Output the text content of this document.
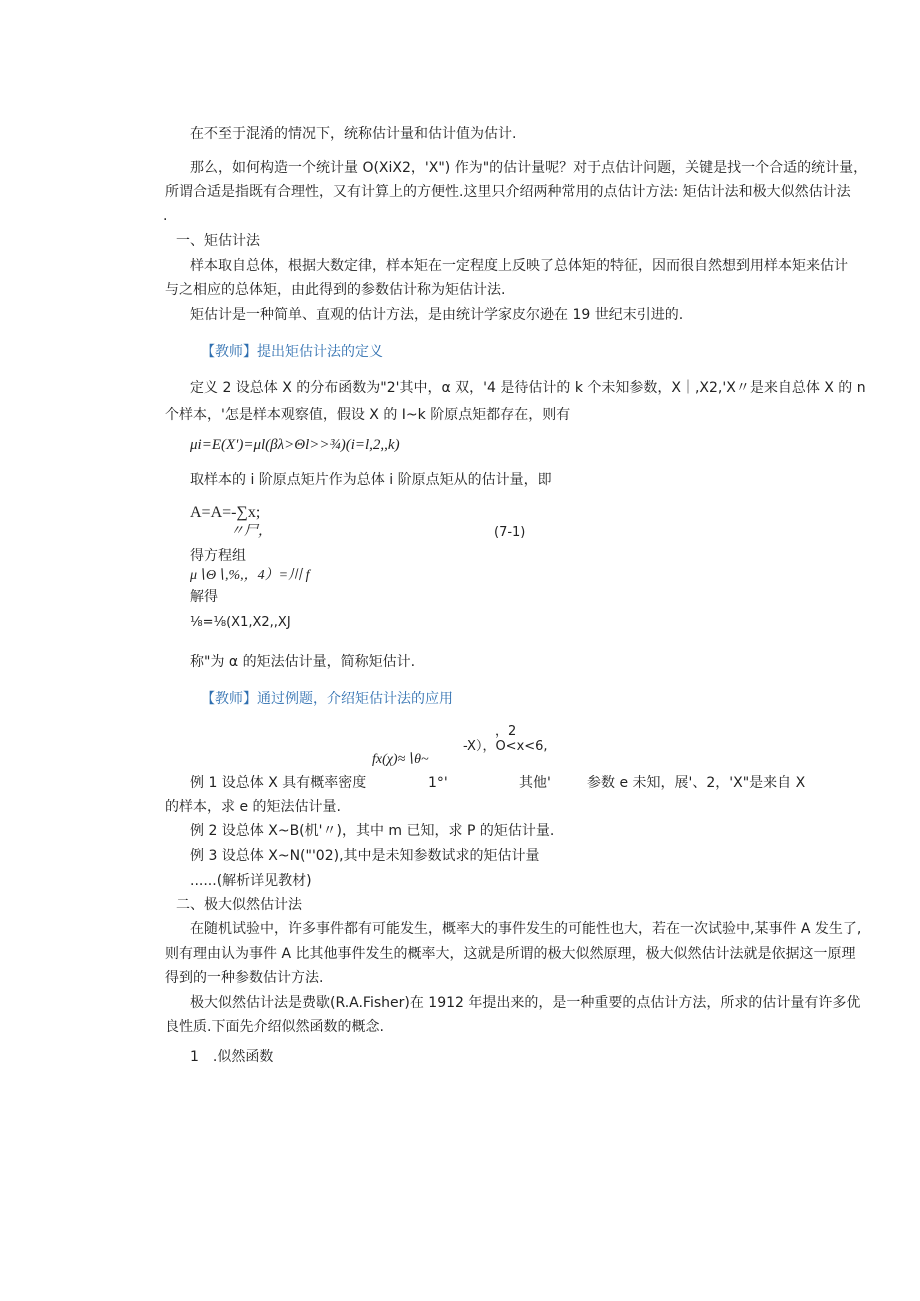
在不至于混淆的情况下，统称估计量和估计值为估计.
那么，如何构造一个统计量 O(XiX2，'X") 作为"的估计量呢？对于点估计问题，关键是找一个合适的统计量，
所谓合适是指既有合理性，又有计算上的方便性.这里只介绍两种常用的点估计方法: 矩估计法和极大似然估计法
.
一、矩估计法
样本取自总体，根据大数定律，样本矩在一定程度上反映了总体矩的特征，因而很自然想到用样本矩来估计
与之相应的总体矩，由此得到的参数估计称为矩估计法.
矩估计是一种简单、直观的估计方法，是由统计学家皮尔逊在 19 世纪末引进的.
【教师】提出矩估计法的定义
定义 2 设总体 X 的分布函数为"2'其中，α 双，'4 是待估计的 k 个未知参数，X｜,X2,'X〃是来自总体 X 的 n
个样本，'怎是样本观察值，假设 X 的 I~k 阶原点矩都存在，则有
μi=E(X')=μl(βλ>Θl>>¾)(i=l,2,,k)
取样本的 i 阶原点矩片作为总体 i 阶原点矩从的估计量，即
A=A=-∑x;
〃尸，	(7-1)
得方程组
μ∖Θ∖,%,，4）=川 f
解得
⅛=⅛(X1,X2,,XJ
称"为 α 的矩法估计量，简称矩估计.
【教师】通过例题，介绍矩估计法的应用
，2
fx(χ)≈∖θ~
-X），O<x<6,
例 1 设总体 X 具有概率密度	1°'	其他'	参数 e 未知，展'、2，'X"是来自 X
的样本，求 e 的矩法估计量.
例 2 设总体 X~B(机'〃)，其中 m 已知，求 P 的矩估计量.
例 3 设总体 X~N("'02),其中是未知参数试求的矩估计量
......(解析详见教材)
二、极大似然估计法
在随机试验中，许多事件都有可能发生，概率大的事件发生的可能性也大，若在一次试验中,某事件 A 发生了,
则有理由认为事件 A 比其他事件发生的概率大，这就是所谓的极大似然原理，极大似然估计法就是依据这一原理
得到的一种参数估计方法.
极大似然估计法是费歇(R.A.Fisher)在 1912 年提出来的，是一种重要的点估计方法，所求的估计量有许多优
良性质.下面先介绍似然函数的概念.
1　.似然函数
